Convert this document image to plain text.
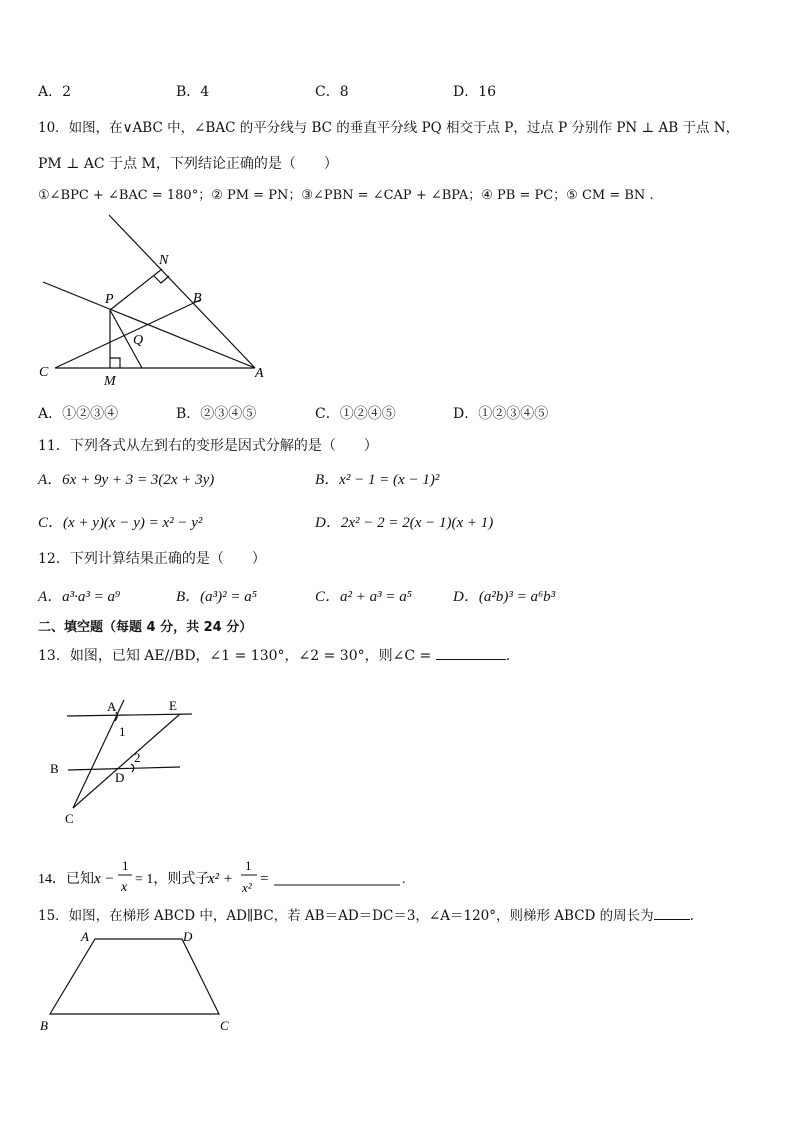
A．2	B．4	C．8	D．16
10．如图，在∨ABC 中，∠BAC 的平分线与 BC 的垂直平分线 PQ 相交于点 P，过点 P 分别作 PN ⊥ AB 于点 N，
PM ⊥ AC 于点 M，下列结论正确的是（　　）
①∠BPC + ∠BAC = 180°；② PM = PN；③∠PBN = ∠CAP + ∠BPA；④ PB = PC；⑤ CM = BN .
N
P	B
Q
C
M
A
A．①②③④	B．②③④⑤	C．①②④⑤	D．①②③④⑤
11．下列各式从左到右的变形是因式分解的是（　　）
A．6x + 9y + 3 = 3(2x + 3y)	B．x² − 1 = (x − 1)²
C．(x + y)(x − y) = x² − y²	D．2x² − 2 = 2(x − 1)(x + 1)
12．下列计算结果正确的是（　　）
A．a³·a³ = a⁹	B．(a³)² = a⁵	C．a² + a³ = a⁵	D．(a²b)³ = a⁶b³
二、填空题（每题 4 分，共 24 分）
13．如图，已知 AE//BD，∠1 = 130°，∠2 = 30°，则∠C =	.
A	E
1
B
2
D
C
14．已知 x −
1
x
= 1，则式子
x² +
1
x²
=	.
15．如图，在梯形 ABCD 中，AD∥BC，若 AB＝AD＝DC＝3，∠A＝120°，则梯形 ABCD 的周长为	.
A	D
B	C
